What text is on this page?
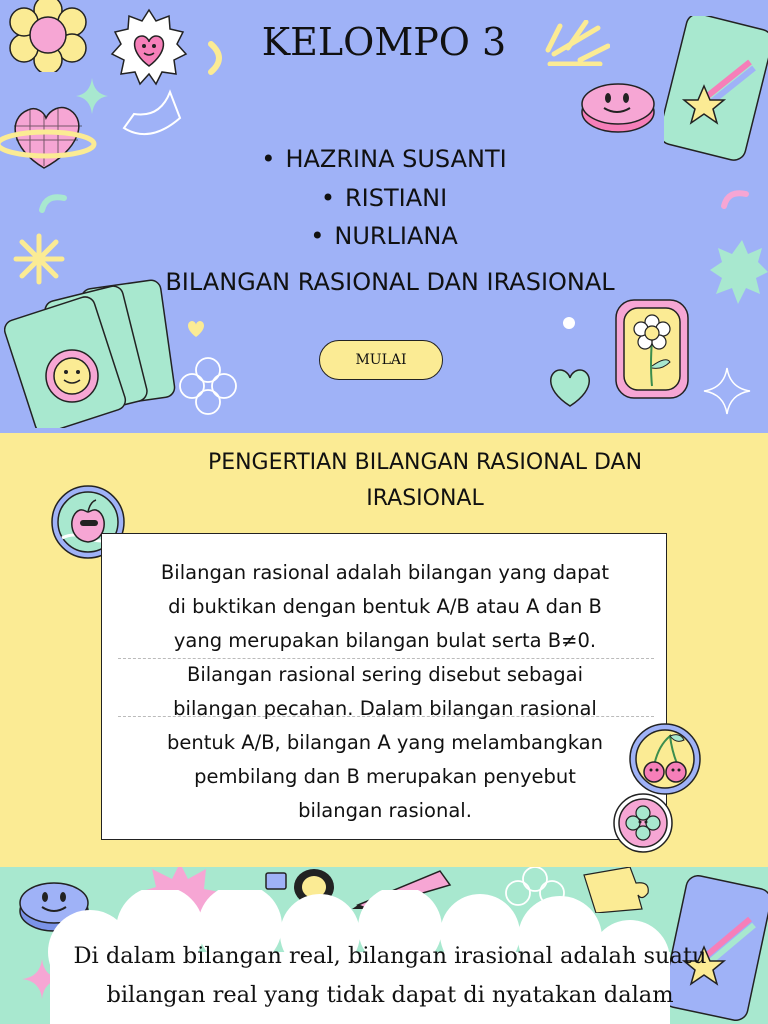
KELOMPO 3
• HAZRINA SUSANTI
• RISTIANI
• NURLIANA
BILANGAN RASIONAL DAN IRASIONAL
MULAI
PENGERTIAN BILANGAN RASIONAL DAN
IRASIONAL
Bilangan rasional adalah bilangan yang dapat
di buktikan dengan bentuk A/B atau A dan B
yang merupakan bilangan bulat serta B≠0.
Bilangan rasional sering disebut sebagai
bilangan pecahan. Dalam bilangan rasional
bentuk A/B, bilangan A yang melambangkan
pembilang dan B merupakan penyebut
bilangan rasional.
Di dalam bilangan real, bilangan irasional adalah suatu
bilangan real yang tidak dapat di nyatakan dalam
